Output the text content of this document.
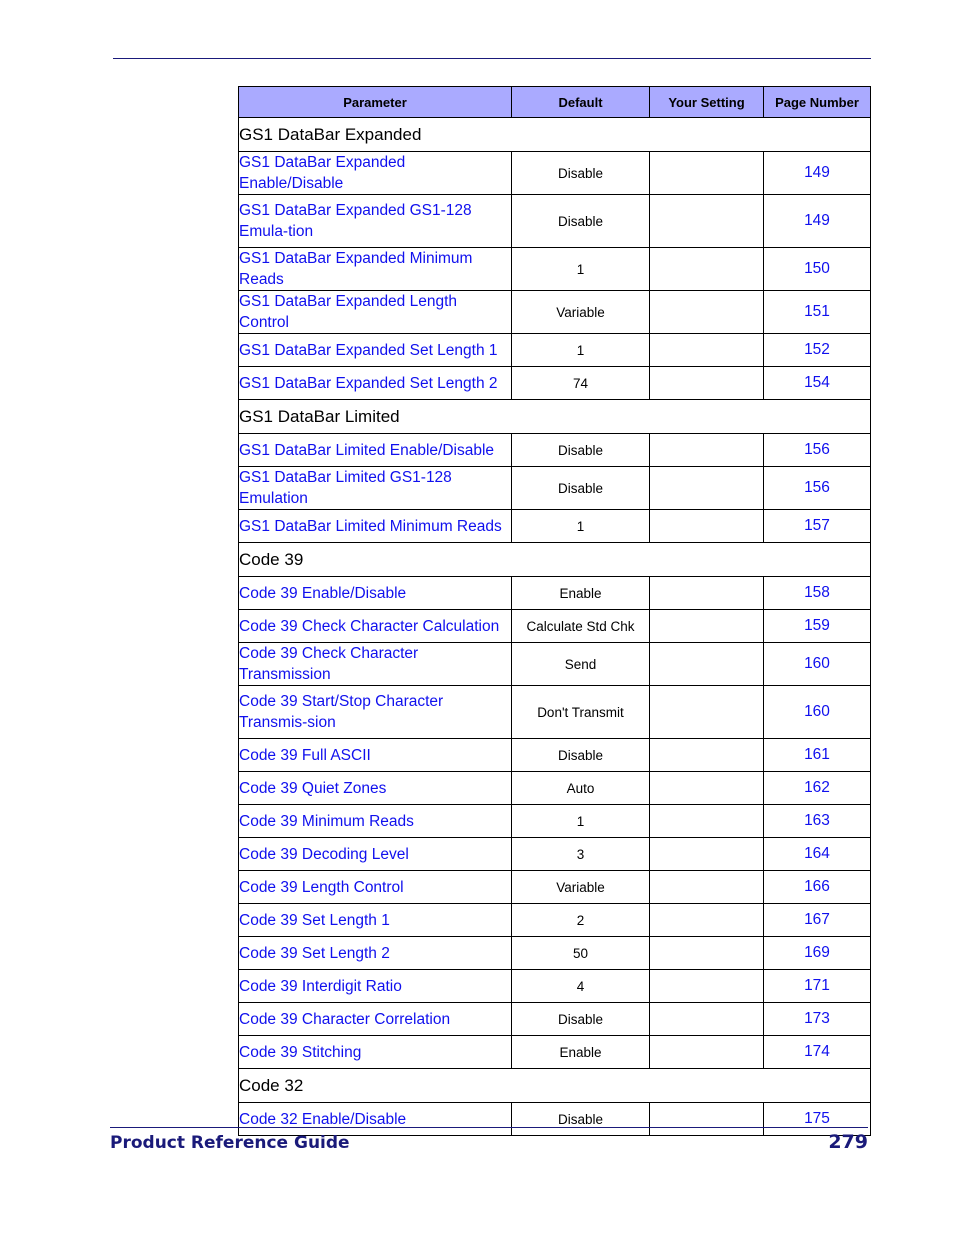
Parameter	Default	Your Setting	Page Number
GS1 DataBar Expanded			
GS1 DataBar Expanded Enable/Disable	Disable		149
GS1 DataBar Expanded GS1-128 Emula-tion	Disable		149
GS1 DataBar Expanded Minimum Reads	1		150
GS1 DataBar Expanded Length Control	Variable		151
GS1 DataBar Expanded Set Length 1	1		152
GS1 DataBar Expanded Set Length 2	74		154
GS1 DataBar Limited			
GS1 DataBar Limited Enable/Disable	Disable		156
GS1 DataBar Limited GS1-128 Emulation	Disable		156
GS1 DataBar Limited Minimum Reads	1		157
Code 39			
Code 39 Enable/Disable	Enable		158
Code 39 Check Character Calculation	Calculate Std Chk		159
Code 39 Check Character Transmission	Send		160
Code 39 Start/Stop Character Transmis-sion	Don't Transmit		160
Code 39 Full ASCII	Disable		161
Code 39 Quiet Zones	Auto		162
Code 39 Minimum Reads	1		163
Code 39 Decoding Level	3		164
Code 39 Length Control	Variable		166
Code 39 Set Length 1	2		167
Code 39 Set Length 2	50		169
Code 39 Interdigit Ratio	4		171
Code 39 Character Correlation	Disable		173
Code 39 Stitching	Enable		174
Code 32			
Code 32 Enable/Disable	Disable		175
Product Reference Guide	279
